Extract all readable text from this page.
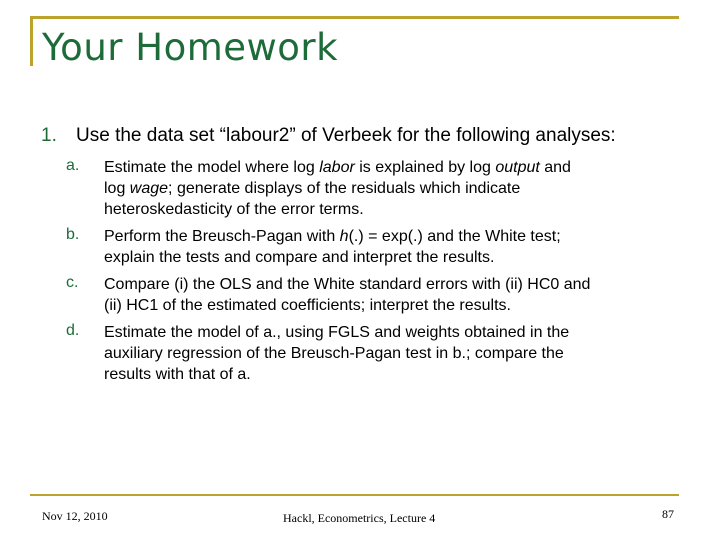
Your Homework
1. Use the data set “labour2” of Verbeek for the following analyses:
a. Estimate the model where log labor is explained by log output and
log wage; generate displays of the residuals which indicate
heteroskedasticity of the error terms.
b. Perform the Breusch-Pagan with h(.) = exp(.) and the White test;
explain the tests and compare and interpret the results.
c. Compare (i) the OLS and the White standard errors with (ii) HC0 and
(ii) HC1 of the estimated coefficients; interpret the results.
d. Estimate the model of a., using FGLS and weights obtained in the
auxiliary regression of the Breusch-Pagan test in b.; compare the
results with that of a.
Nov 12, 2010	Hackl, Econometrics, Lecture 4	87
